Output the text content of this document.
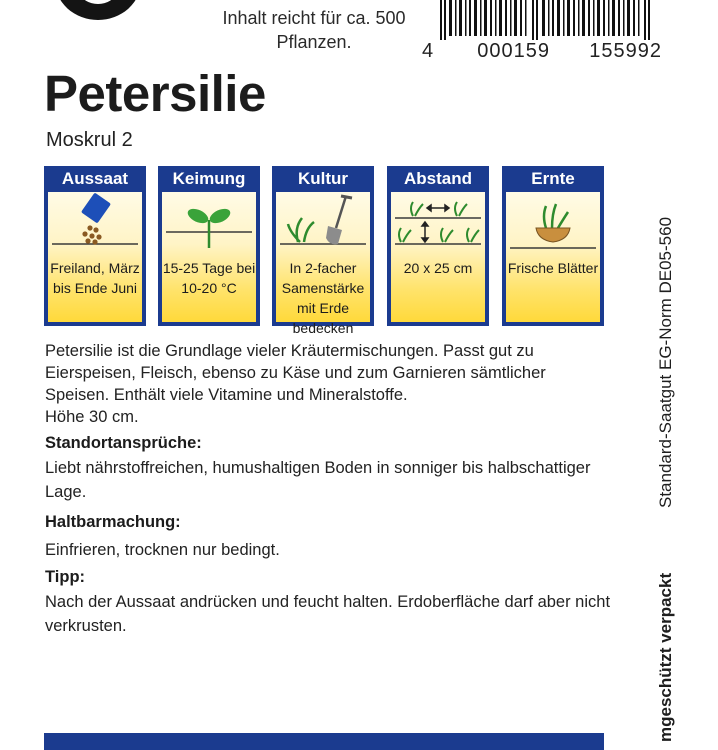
Inhalt reicht für ca. 500 Pflanzen.	4 000159 155992
Petersilie
Moskrul 2
Aussaat
Freiland, März bis Ende Juni
Keimung
15-25 Tage bei 10-20 °C
Kultur
In 2-facher Samenstärke mit Erde bedecken
Abstand
20 x 25 cm
Ernte
Frische Blätter

Petersilie ist die Grundlage vieler Kräutermischungen. Passt gut zu Eierspeisen, Fleisch, ebenso zu Käse und zum Garnieren sämtlicher Speisen. Enthält viele Vitamine und Mineralstoffe.

Höhe 30 cm.

Standortansprüche:
Liebt nährstoffreichen, humushaltigen Boden in sonniger bis halbschattiger Lage.
Haltbarmachung:
Einfrieren, trocknen nur bedingt.
Tipp:
Nach der Aussaat andrücken und feucht halten. Erdoberfläche darf aber nicht verkrusten.
Standard-Saatgut EG-Norm DE05-560
mgeschützt verpackt
